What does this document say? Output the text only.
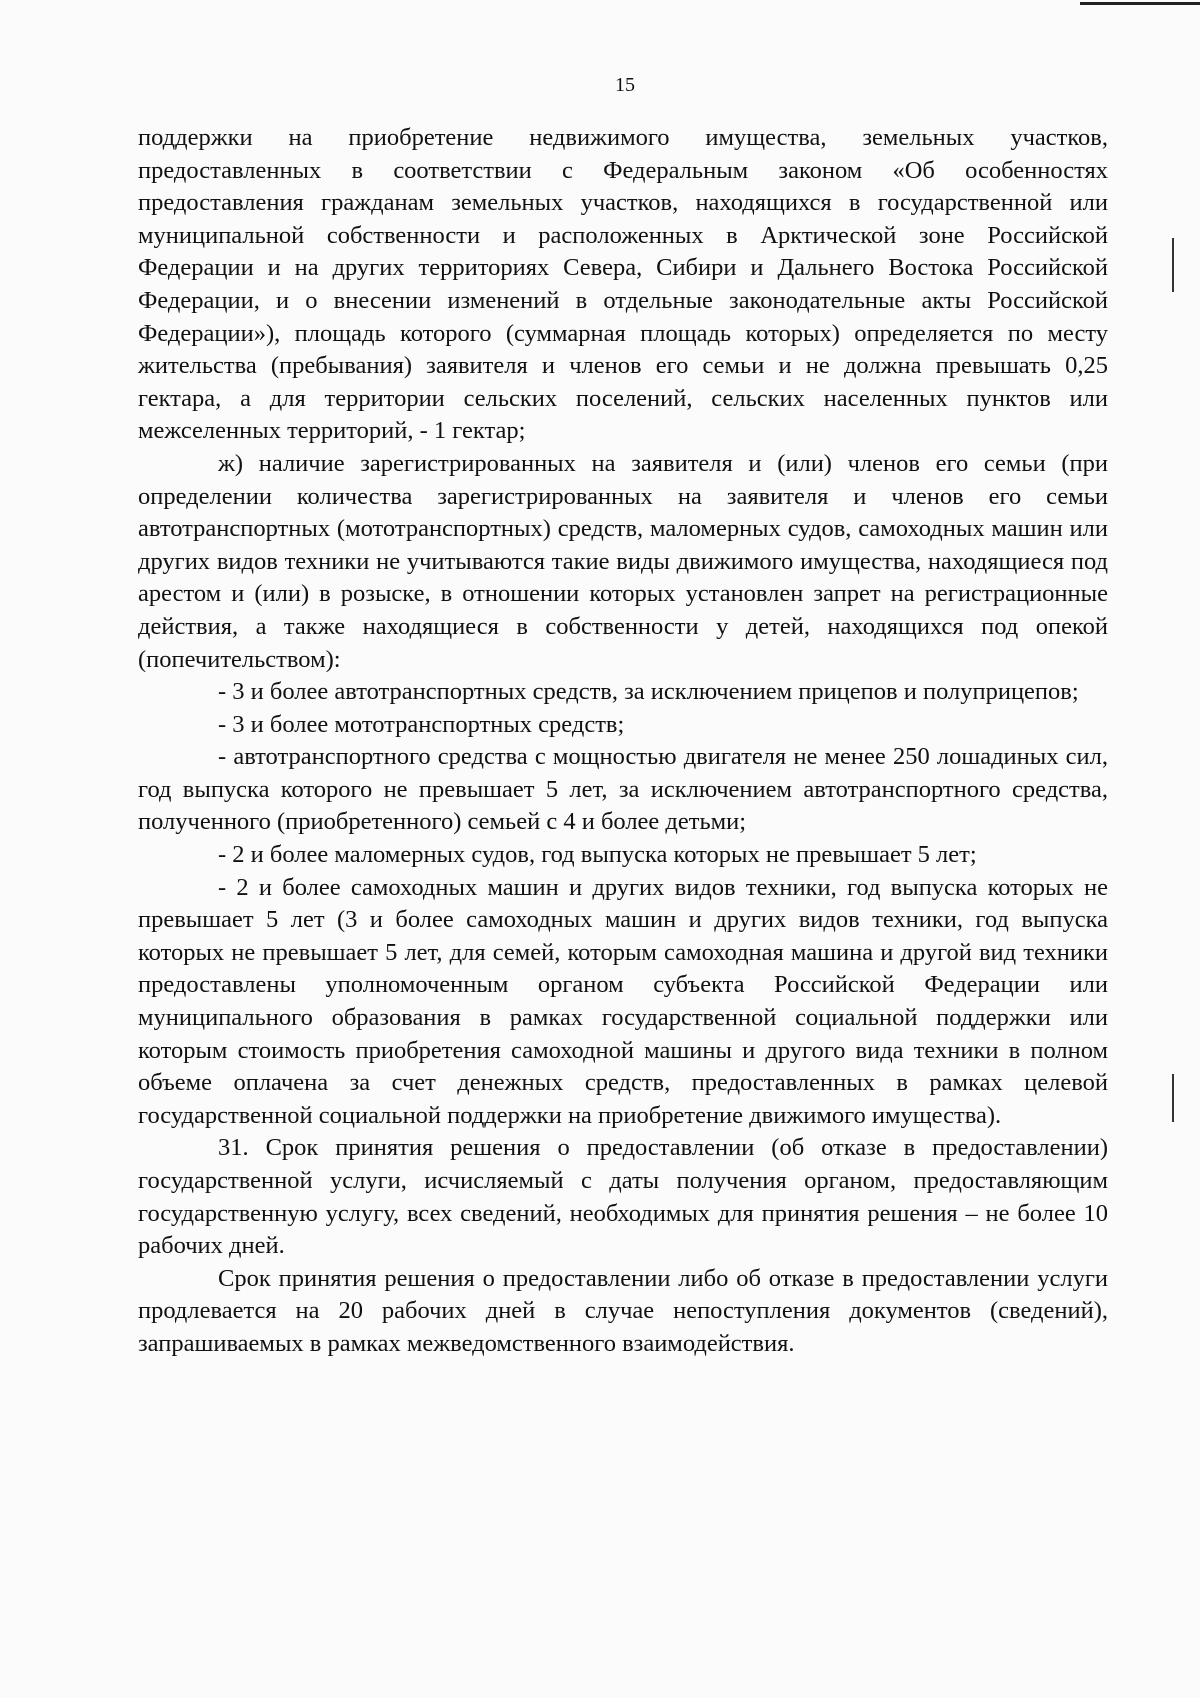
15

поддержки на приобретение недвижимого имущества, земельных участков, предоставленных в соответствии с Федеральным законом «Об особенностях предоставления гражданам земельных участков, находящихся в государственной или муниципальной собственности и расположенных в Арктической зоне Российской Федерации и на других территориях Севера, Сибири и Дальнего Востока Российской Федерации, и о внесении изменений в отдельные законодательные акты Российской Федерации»), площадь которого (суммарная площадь которых) определяется по месту жительства (пребывания) заявителя и членов его семьи и не должна превышать 0,25 гектара, а для территории сельских поселений, сельских населенных пунктов или межселенных территорий, - 1 гектар;

ж) наличие зарегистрированных на заявителя и (или) членов его семьи (при определении количества зарегистрированных на заявителя и членов его семьи автотранспортных (мототранспортных) средств, маломерных судов, самоходных машин или других видов техники не учитываются такие виды движимого имущества, находящиеся под арестом и (или) в розыске, в отношении которых установлен запрет на регистрационные действия, а также находящиеся в собственности у детей, находящихся под опекой (попечительством):

- 3 и более автотранспортных средств, за исключением прицепов и полуприцепов;

- 3 и более мототранспортных средств;

- автотранспортного средства с мощностью двигателя не менее 250 лошадиных сил, год выпуска которого не превышает 5 лет, за исключением автотранспортного средства, полученного (приобретенного) семьей с 4 и более детьми;

- 2 и более маломерных судов, год выпуска которых не превышает 5 лет;

- 2 и более самоходных машин и других видов техники, год выпуска которых не превышает 5 лет (3 и более самоходных машин и других видов техники, год выпуска которых не превышает 5 лет, для семей, которым самоходная машина и другой вид техники предоставлены уполномоченным органом субъекта Российской Федерации или муниципального образования в рамках государственной социальной поддержки или которым стоимость приобретения самоходной машины и другого вида техники в полном объеме оплачена за счет денежных средств, предоставленных в рамках целевой государственной социальной поддержки на приобретение движимого имущества).

31. Срок принятия решения о предоставлении (об отказе в предоставлении) государственной услуги, исчисляемый с даты получения органом, предоставляющим государственную услугу, всех сведений, необходимых для принятия решения – не более 10 рабочих дней.

Срок принятия решения о предоставлении либо об отказе в предоставлении услуги продлевается на 20 рабочих дней в случае непоступления документов (сведений), запрашиваемых в рамках межведомственного взаимодействия.
